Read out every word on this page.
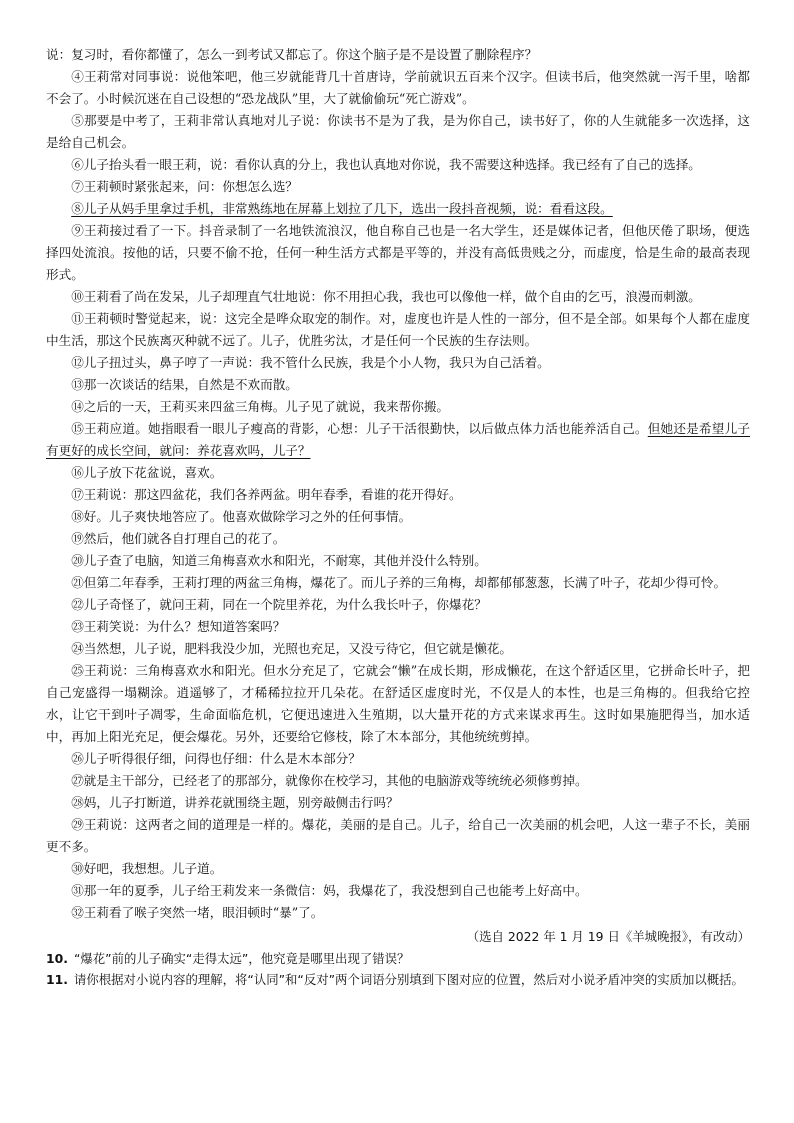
说：复习时，看你都懂了，怎么一到考试又都忘了。你这个脑子是不是设置了删除程序？

④王莉常对同事说：说他笨吧，他三岁就能背几十首唐诗，学前就识五百来个汉字。但读书后，他突然就一泻千里，啥都不会了。小时候沉迷在自己设想的“恐龙战队”里，大了就偷偷玩“死亡游戏”。

⑤那要是中考了，王莉非常认真地对儿子说：你读书不是为了我，是为你自己，读书好了，你的人生就能多一次选择，这是给自己机会。

⑥儿子抬头看一眼王莉，说：看你认真的分上，我也认真地对你说，我不需要这种选择。我已经有了自己的选择。

⑦王莉顿时紧张起来，问：你想怎么选？

⑧儿子从妈手里拿过手机，非常熟练地在屏幕上划拉了几下，选出一段抖音视频，说：看看这段。

⑨王莉接过看了一下。抖音录制了一名地铁流浪汉，他自称自己也是一名大学生，还是媒体记者，但他厌倦了职场，便选择四处流浪。按他的话，只要不偷不抢，任何一种生活方式都是平等的，并没有高低贵贱之分，而虚度，恰是生命的最高表现形式。

⑩王莉看了尚在发呆，儿子却理直气壮地说：你不用担心我，我也可以像他一样，做个自由的乞丐，浪漫而刺激。

⑪王莉顿时警觉起来，说：这完全是哗众取宠的制作。对，虚度也许是人性的一部分，但不是全部。如果每个人都在虚度中生活，那这个民族离灭种就不远了。儿子，优胜劣汰，才是任何一个民族的生存法则。

⑫儿子扭过头，鼻子哼了一声说：我不管什么民族，我是个小人物，我只为自己活着。

⑬那一次谈话的结果，自然是不欢而散。

⑭之后的一天，王莉买来四盆三角梅。儿子见了就说，我来帮你搬。

⑮王莉应道。她指眼看一眼儿子瘦高的背影，心想：儿子干活很勤快，以后做点体力活也能养活自己。但她还是希望儿子有更好的成长空间，就问：养花喜欢吗，儿子？

⑯儿子放下花盆说，喜欢。

⑰王莉说：那这四盆花，我们各养两盆。明年春季，看谁的花开得好。

⑱好。儿子爽快地答应了。他喜欢做除学习之外的任何事情。

⑲然后，他们就各自打理自己的花了。

⑳儿子查了电脑，知道三角梅喜欢水和阳光，不耐寒，其他并没什么特别。

㉑但第二年春季，王莉打理的两盆三角梅，爆花了。而儿子养的三角梅，却都郁郁葱葱，长满了叶子，花却少得可怜。

㉒儿子奇怪了，就问王莉，同在一个院里养花，为什么我长叶子，你爆花？

㉓王莉笑说：为什么？想知道答案吗？

㉔当然想，儿子说，肥料我没少加，光照也充足，又没亏待它，但它就是懒花。

㉕王莉说：三角梅喜欢水和阳光。但水分充足了，它就会“懒”在成长期，形成懒花，在这个舒适区里，它拼命长叶子，把自己宠盛得一塌糊涂。逍遥够了，才稀稀拉拉开几朵花。在舒适区虚度时光，不仅是人的本性，也是三角梅的。但我给它控水，让它干到叶子凋零，生命面临危机，它便迅速进入生殖期，以大量开花的方式来谋求再生。这时如果施肥得当，加水适中，再加上阳光充足，便会爆花。另外，还要给它修枝，除了木本部分，其他统统剪掉。

㉖儿子听得很仔细，问得也仔细：什么是木本部分？

㉗就是主干部分，已经老了的那部分，就像你在校学习，其他的电脑游戏等统统必须修剪掉。

㉘妈，儿子打断道，讲养花就围绕主题，别旁敲侧击行吗？

㉙王莉说：这两者之间的道理是一样的。爆花，美丽的是自己。儿子，给自己一次美丽的机会吧，人这一辈子不长，美丽更不多。

㉚好吧，我想想。儿子道。

㉛那一年的夏季，儿子给王莉发来一条微信：妈，我爆花了，我没想到自己也能考上好高中。

㉜王莉看了喉子突然一堵，眼泪顿时“暴”了。

（选自 2022 年 1 月 19 日《羊城晚报》，有改动）

10. “爆花”前的儿子确实“走得太远”，他究竟是哪里出现了错误？

11. 请你根据对小说内容的理解，将“认同”和“反对”两个词语分别填到下图对应的位置，然后对小说矛盾冲突的实质加以概括。
